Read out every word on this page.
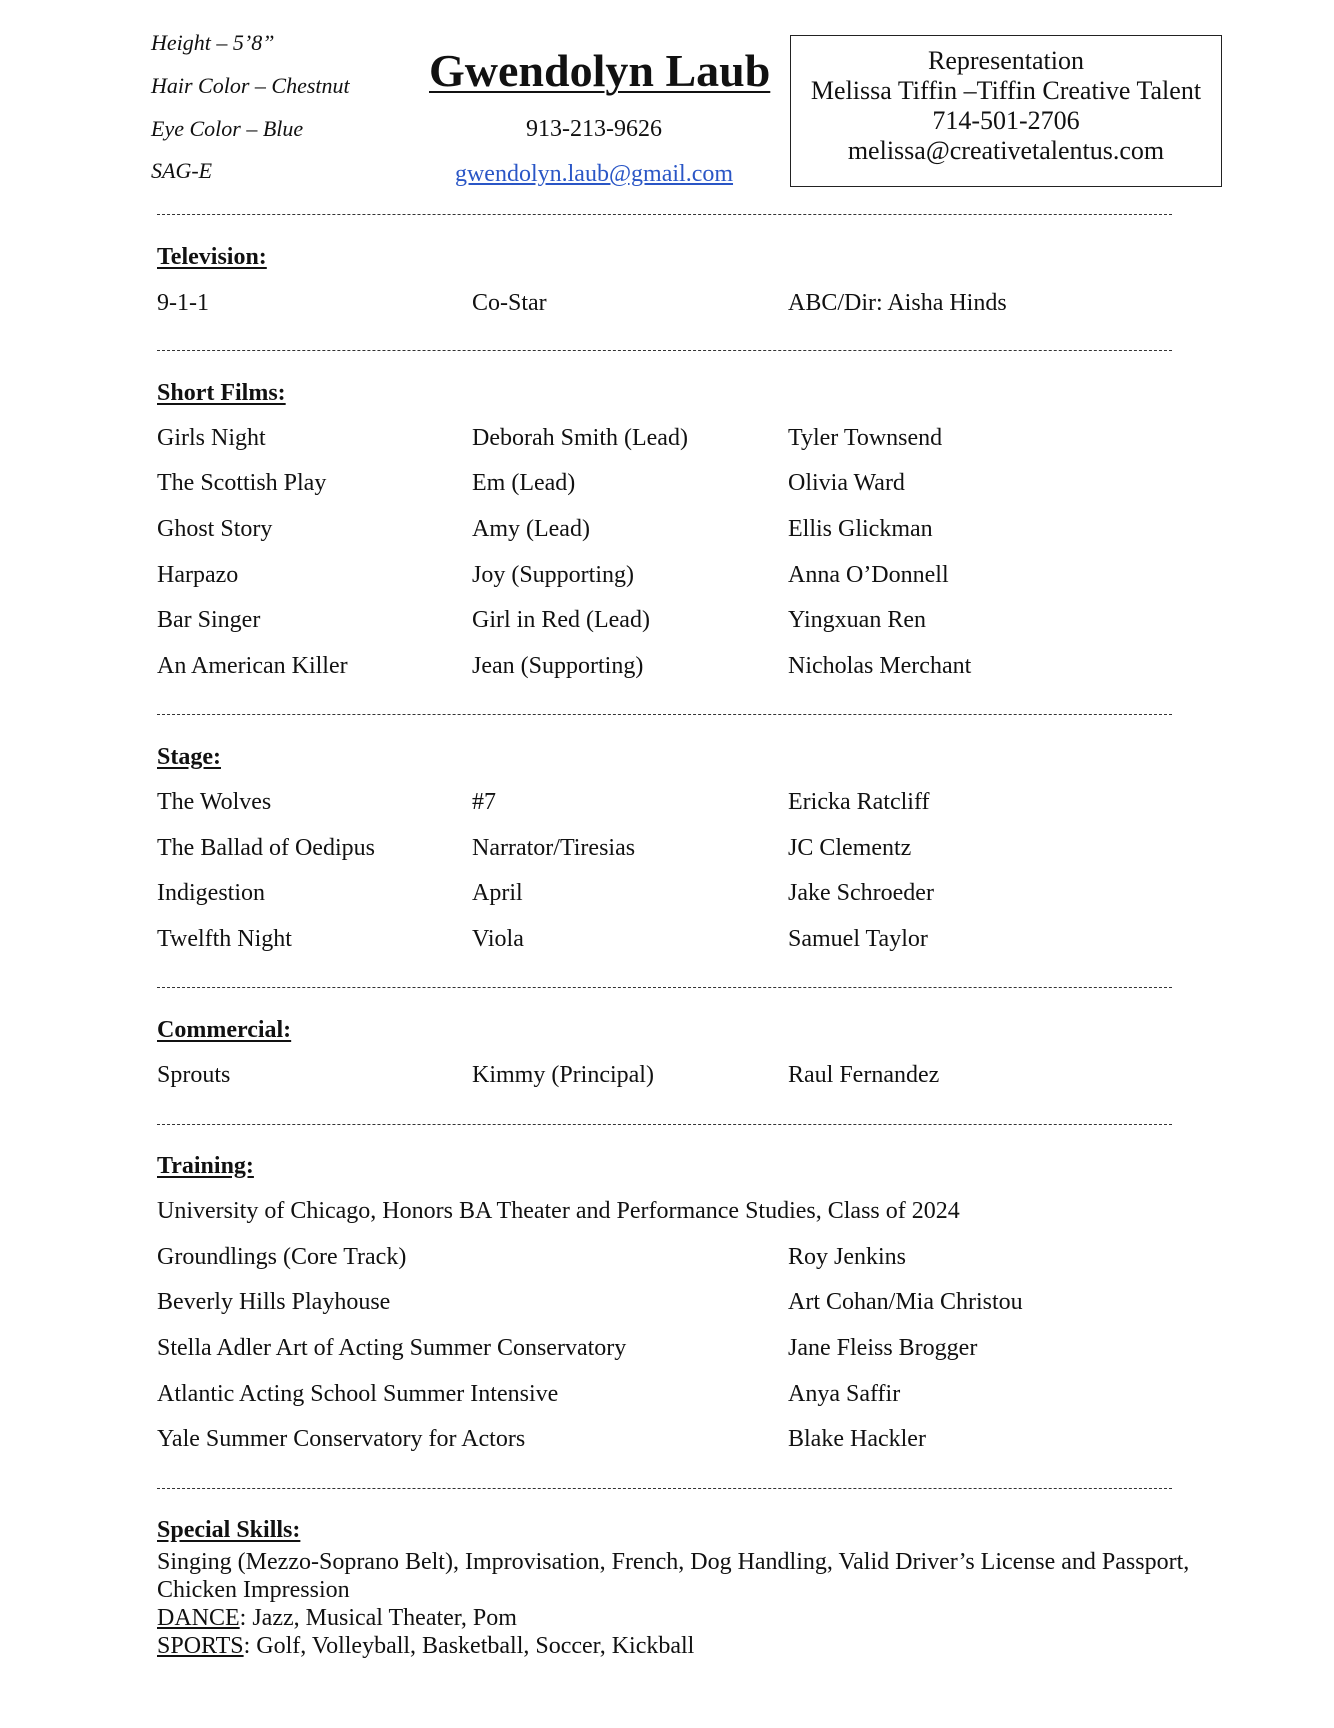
Height – 5’8”
Hair Color – Chestnut
Eye Color – Blue
SAG-E
Gwendolyn Laub
913-213-9626
gwendolyn.laub@gmail.com
Representation
Melissa Tiffin –Tiffin Creative Talent
714-501-2706
melissa@creativetalentus.com
Television:
9-1-1	Co-Star	ABC/Dir: Aisha Hinds
Short Films:
Girls Night	Deborah Smith (Lead)	Tyler Townsend
The Scottish Play	Em (Lead)	Olivia Ward
Ghost Story	Amy (Lead)	Ellis Glickman
Harpazo	Joy (Supporting)	Anna O’Donnell
Bar Singer	Girl in Red (Lead)	Yingxuan Ren
An American Killer	Jean (Supporting)	Nicholas Merchant
Stage:
The Wolves	#7	Ericka Ratcliff
The Ballad of Oedipus	Narrator/Tiresias	JC Clementz
Indigestion	April	Jake Schroeder
Twelfth Night	Viola	Samuel Taylor
Commercial:
Sprouts	Kimmy (Principal)	Raul Fernandez
Training:
University of Chicago, Honors BA Theater and Performance Studies, Class of 2024
Groundlings (Core Track)	Roy Jenkins
Beverly Hills Playhouse	Art Cohan/Mia Christou
Stella Adler Art of Acting Summer Conservatory	Jane Fleiss Brogger
Atlantic Acting School Summer Intensive	Anya Saffir
Yale Summer Conservatory for Actors	Blake Hackler
Special Skills:
Singing (Mezzo-Soprano Belt), Improvisation, French, Dog Handling, Valid Driver’s License and Passport,
Chicken Impression
DANCE: Jazz, Musical Theater, Pom
SPORTS: Golf, Volleyball, Basketball, Soccer, Kickball
